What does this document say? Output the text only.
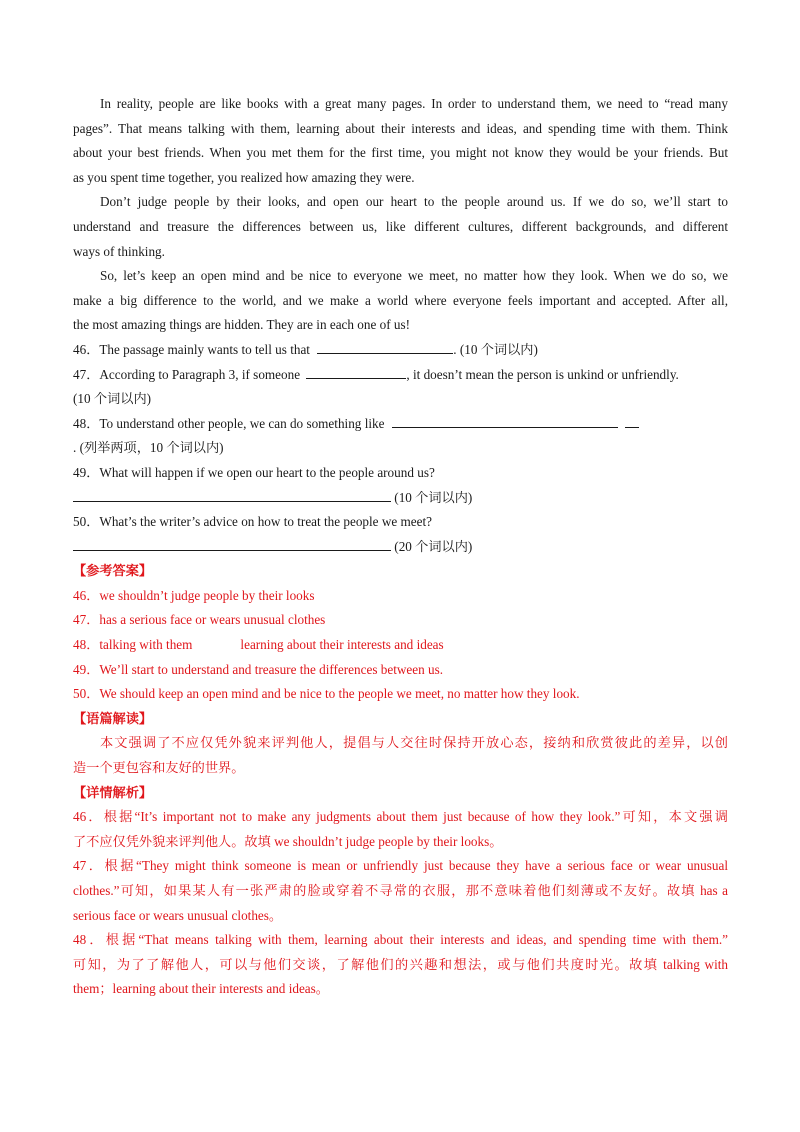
In reality, people are like books with a great many pages. In order to understand them, we need to “read many
pages”. That means talking with them, learning about their interests and ideas, and spending time with them. Think
about your best friends. When you met them for the first time, you might not know they would be your friends. But
as you spent time together, you realized how amazing they were.
Don’t judge people by their looks, and open our heart to the people around us. If we do so, we’ll start to
understand and treasure the differences between us, like different cultures, different backgrounds, and different
ways of thinking.
So, let’s keep an open mind and be nice to everyone we meet, no matter how they look. When we do so, we
make a big difference to the world, and we make a world where everyone feels important and accepted. After all,
the most amazing things are hidden. They are in each one of us!
46．The passage mainly wants to tell us that	. (10 个词以内)
47．According to Paragraph 3, if someone	, it doesn’t mean the person is unkind or unfriendly.
(10 个词以内)
48．To understand other people, we can do something like
. (列举两项，10 个词以内)
49．What will happen if we open our heart to the people around us?
(10 个词以内)
50．What’s the writer’s advice on how to treat the people we meet?
(20 个词以内)
【参考答案】
46．we shouldn’t judge people by their looks
47．has a serious face or wears unusual clothes
48．talking with them	learning about their interests and ideas
49．We’ll start to understand and treasure the differences between us.
50．We should keep an open mind and be nice to the people we meet, no matter how they look.
【语篇解读】
本文强调了不应仅凭外貌来评判他人，提倡与人交往时保持开放心态，接纳和欣赏彼此的差异，以创
造一个更包容和友好的世界。
【详情解析】
46．根据“It’s important not to make any judgments about them just because of how they look.”可知，本文强调
了不应仅凭外貌来评判他人。故填 we shouldn’t judge people by their looks。
47．根据“They might think someone is mean or unfriendly just because they have a serious face or wear unusual
clothes.”可知，如果某人有一张严肃的脸或穿着不寻常的衣服，那不意味着他们刻薄或不友好。故填 has a
serious face or wears unusual clothes。
48．根据“That means talking with them, learning about their interests and ideas, and spending time with them.”
可知，为了了解他人，可以与他们交谈，了解他们的兴趣和想法，或与他们共度时光。故填 talking with
them；learning about their interests and ideas。
